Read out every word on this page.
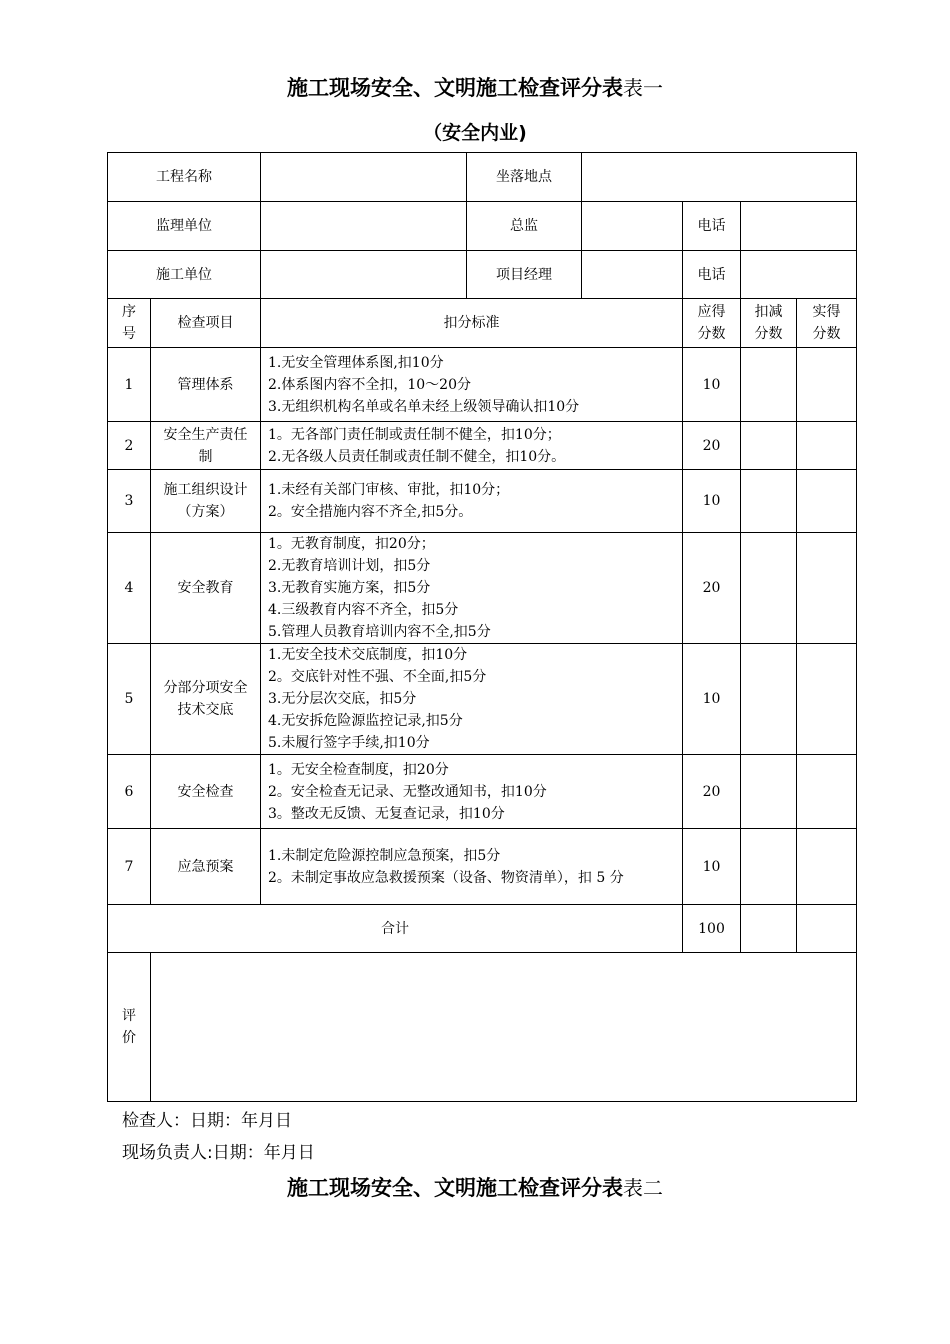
施工现场安全、文明施工检查评分表表一
（安全内业)
工程名称			坐落地点				
监理单位			总监		电话		
施工单位			项目经理		电话		
序号	检查项目	扣分标准			应得分数	扣减分数	实得分数
1	管理体系	1.无安全管理体系图,扣10分
2.体系图内容不全扣，10～20分
3.无组织机构名单或名单未经上级领导确认扣10分			10		
2	安全生产责任制	1。无各部门责任制或责任制不健全，扣10分；
2.无各级人员责任制或责任制不健全，扣10分。			20		
3	施工组织设计（方案）	1.未经有关部门审核、审批，扣10分；
2。安全措施内容不齐全,扣5分。			10		
4	安全教育	1。无教育制度，扣20分；
2.无教育培训计划，扣5分
3.无教育实施方案，扣5分
4.三级教育内容不齐全，扣5分
5.管理人员教育培训内容不全,扣5分			20		
5	分部分项安全技术交底	1.无安全技术交底制度，扣10分
2。交底针对性不强、不全面,扣5分
3.无分层次交底，扣5分
4.无安拆危险源监控记录,扣5分
5.未履行签字手续,扣10分			10		
6	安全检查	1。无安全检查制度，扣20分
2。安全检查无记录、无整改通知书，扣10分
3。整改无反馈、无复查记录，扣10分			20		
7	应急预案	1.未制定危险源控制应急预案，扣5分
2。未制定事故应急救援预案（设备、物资清单），扣 5 分			10		
合计					100		
评价							
检查人：日期：年月日
现场负责人:日期：年月日
施工现场安全、文明施工检查评分表表二
